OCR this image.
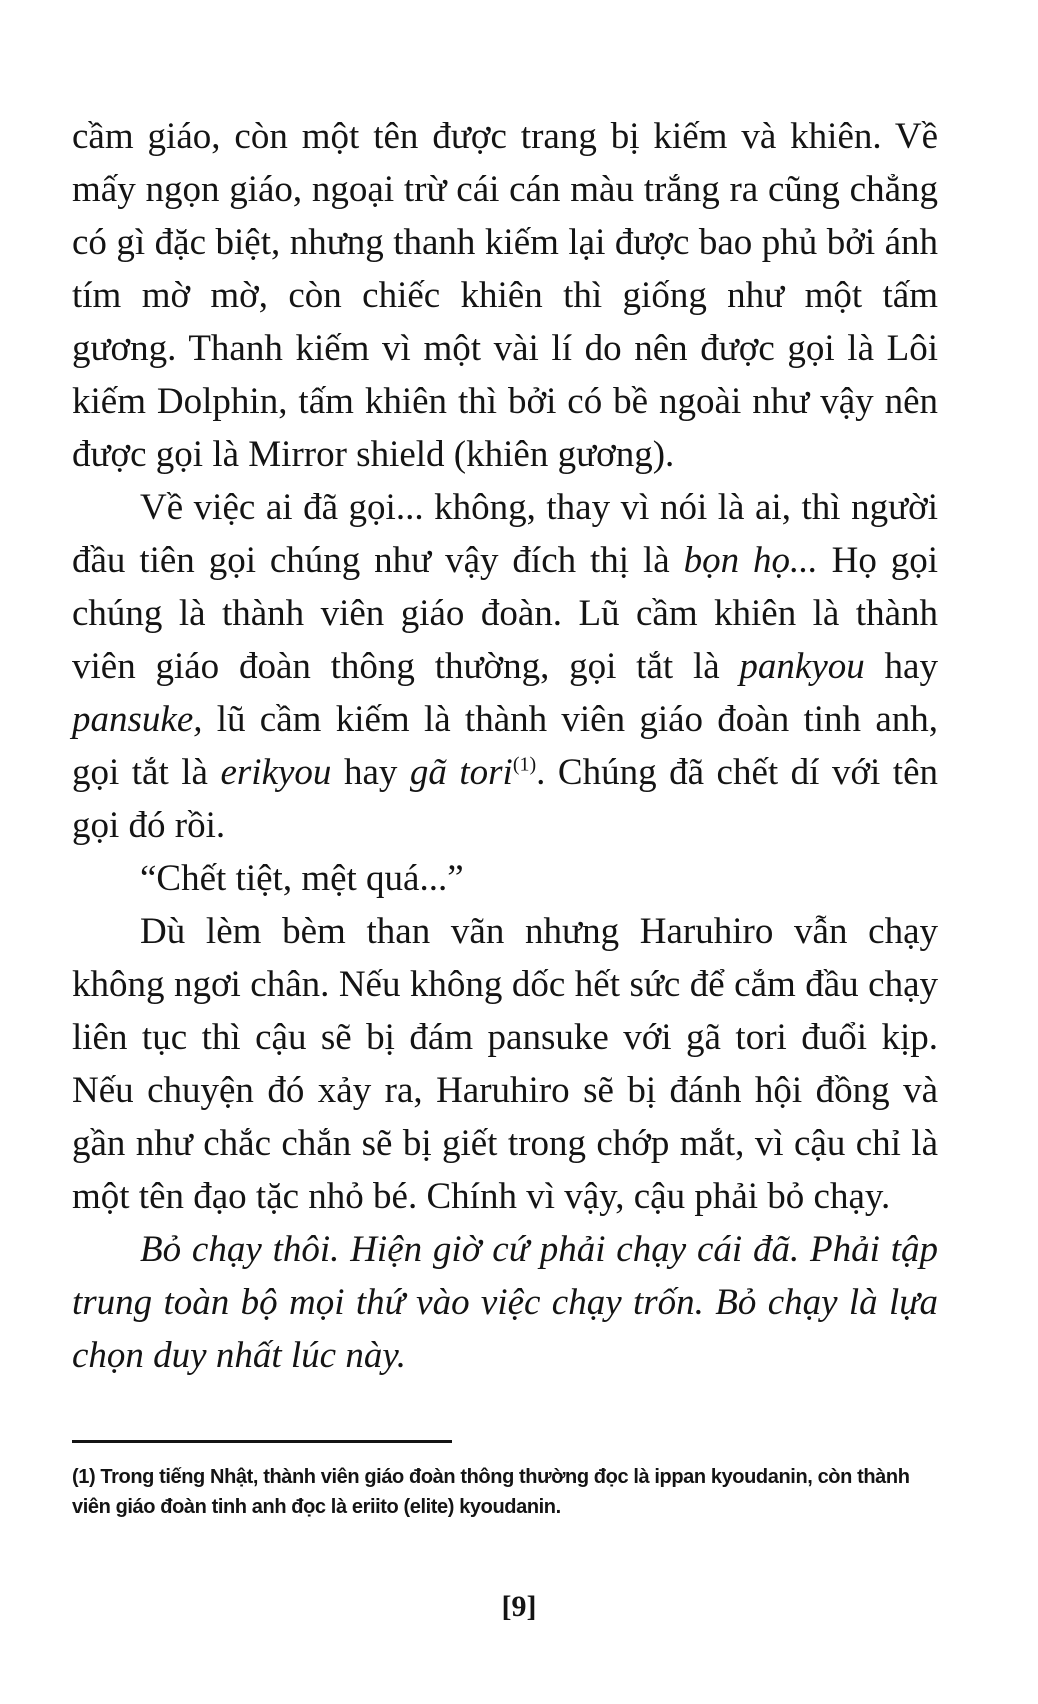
cầm giáo, còn một tên được trang bị kiếm và khiên. Về mấy ngọn giáo, ngoại trừ cái cán màu trắng ra cũng chẳng có gì đặc biệt, nhưng thanh kiếm lại được bao phủ bởi ánh tím mờ mờ, còn chiếc khiên thì giống như một tấm gương. Thanh kiếm vì một vài lí do nên được gọi là Lôi kiếm Dolphin, tấm khiên thì bởi có bề ngoài như vậy nên được gọi là Mirror shield (khiên gương).

Về việc ai đã gọi... không, thay vì nói là ai, thì người đầu tiên gọi chúng như vậy đích thị là bọn họ... Họ gọi chúng là thành viên giáo đoàn. Lũ cầm khiên là thành viên giáo đoàn thông thường, gọi tắt là pankyou hay pansuke, lũ cầm kiếm là thành viên giáo đoàn tinh anh, gọi tắt là erikyou hay gã tori$^{(1)}$. Chúng đã chết dí với tên gọi đó rồi.

“Chết tiệt, mệt quá...”

Dù lèm bèm than vãn nhưng Haruhiro vẫn chạy không ngơi chân. Nếu không dốc hết sức để cắm đầu chạy liên tục thì cậu sẽ bị đám pansuke với gã tori đuổi kịp. Nếu chuyện đó xảy ra, Haruhiro sẽ bị đánh hội đồng và gần như chắc chắn sẽ bị giết trong chớp mắt, vì cậu chỉ là một tên đạo tặc nhỏ bé. Chính vì vậy, cậu phải bỏ chạy.

Bỏ chạy thôi. Hiện giờ cứ phải chạy cái đã. Phải tập trung toàn bộ mọi thứ vào việc chạy trốn. Bỏ chạy là lựa chọn duy nhất lúc này.

(1) Trong tiếng Nhật, thành viên giáo đoàn thông thường đọc là ippan kyoudanin, còn thành viên giáo đoàn tinh anh đọc là eriito (elite) kyoudanin.
[9]
